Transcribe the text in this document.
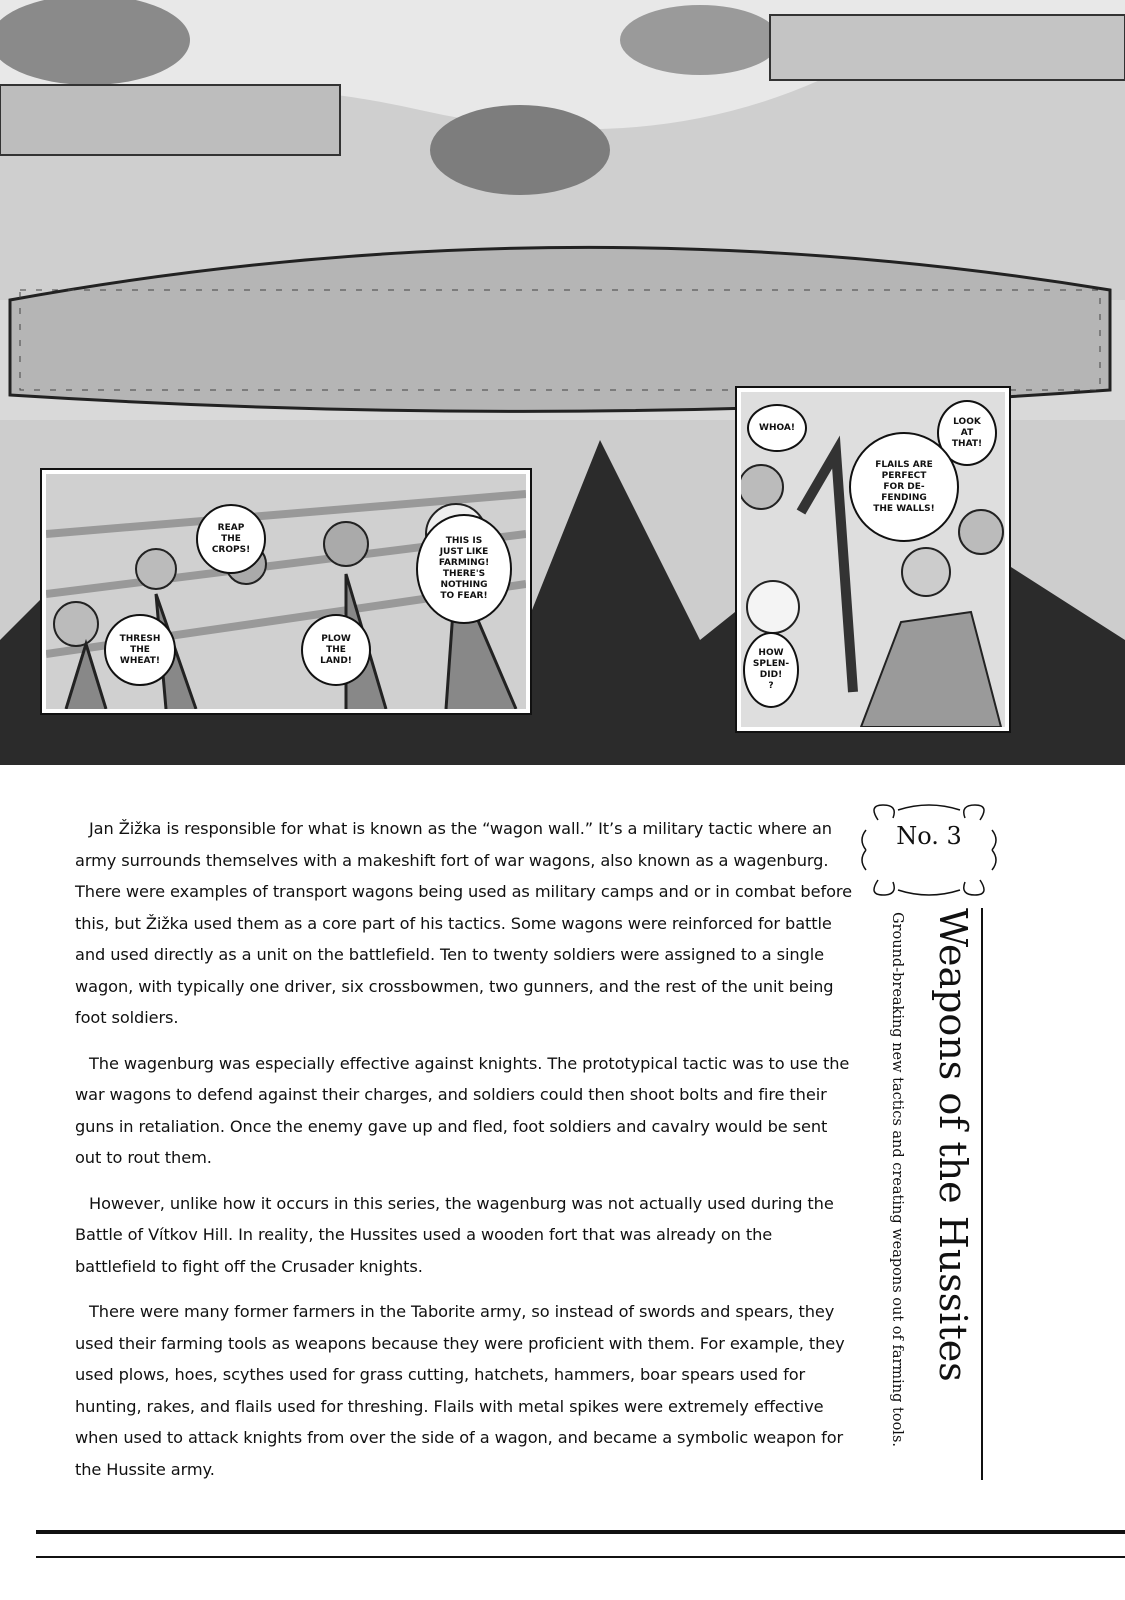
REAP
THE
CROPS!
THIS IS
JUST LIKE
FARMING!
THERE'S
NOTHING
TO FEAR!
THRESH
THE
WHEAT!
PLOW
THE
LAND!
WHOA!
LOOK
AT
THAT!
FLAILS ARE
PERFECT
FOR DE-
FENDING
THE WALLS!
HOW
SPLEN-
DID!
?

Jan Žižka is responsible for what is known as the “wagon wall.” It’s a military tactic where an army surrounds themselves with a makeshift fort of war wagons, also known as a wagenburg. There were examples of transport wagons being used as military camps and or in combat before this, but Žižka used them as a core part of his tactics. Some wagons were reinforced for battle and used directly as a unit on the battlefield. Ten to twenty soldiers were assigned to a single wagon, with typically one driver, six crossbowmen, two gunners, and the rest of the unit being foot soldiers.

The wagenburg was especially effective against knights. The prototypical tactic was to use the war wagons to defend against their charges, and soldiers could then shoot bolts and fire their guns in retaliation. Once the enemy gave up and fled, foot soldiers and cavalry would be sent out to rout them.

However, unlike how it occurs in this series, the wagenburg was not actually used during the Battle of Vítkov Hill. In reality, the Hussites used a wooden fort that was already on the battlefield to fight off the Crusader knights.

There were many former farmers in the Taborite army, so instead of swords and spears, they used their farming tools as weapons because they were proficient with them. For example, they used plows, hoes, scythes used for grass cutting, hatchets, hammers, boar spears used for hunting, rakes, and flails used for threshing. Flails with metal spikes were extremely effective when used to attack knights from over the side of a wagon, and became a symbolic weapon for the Hussite army.

No. 3
Weapons of the Hussites
Ground-breaking new tactics and creating weapons out of farming tools.
